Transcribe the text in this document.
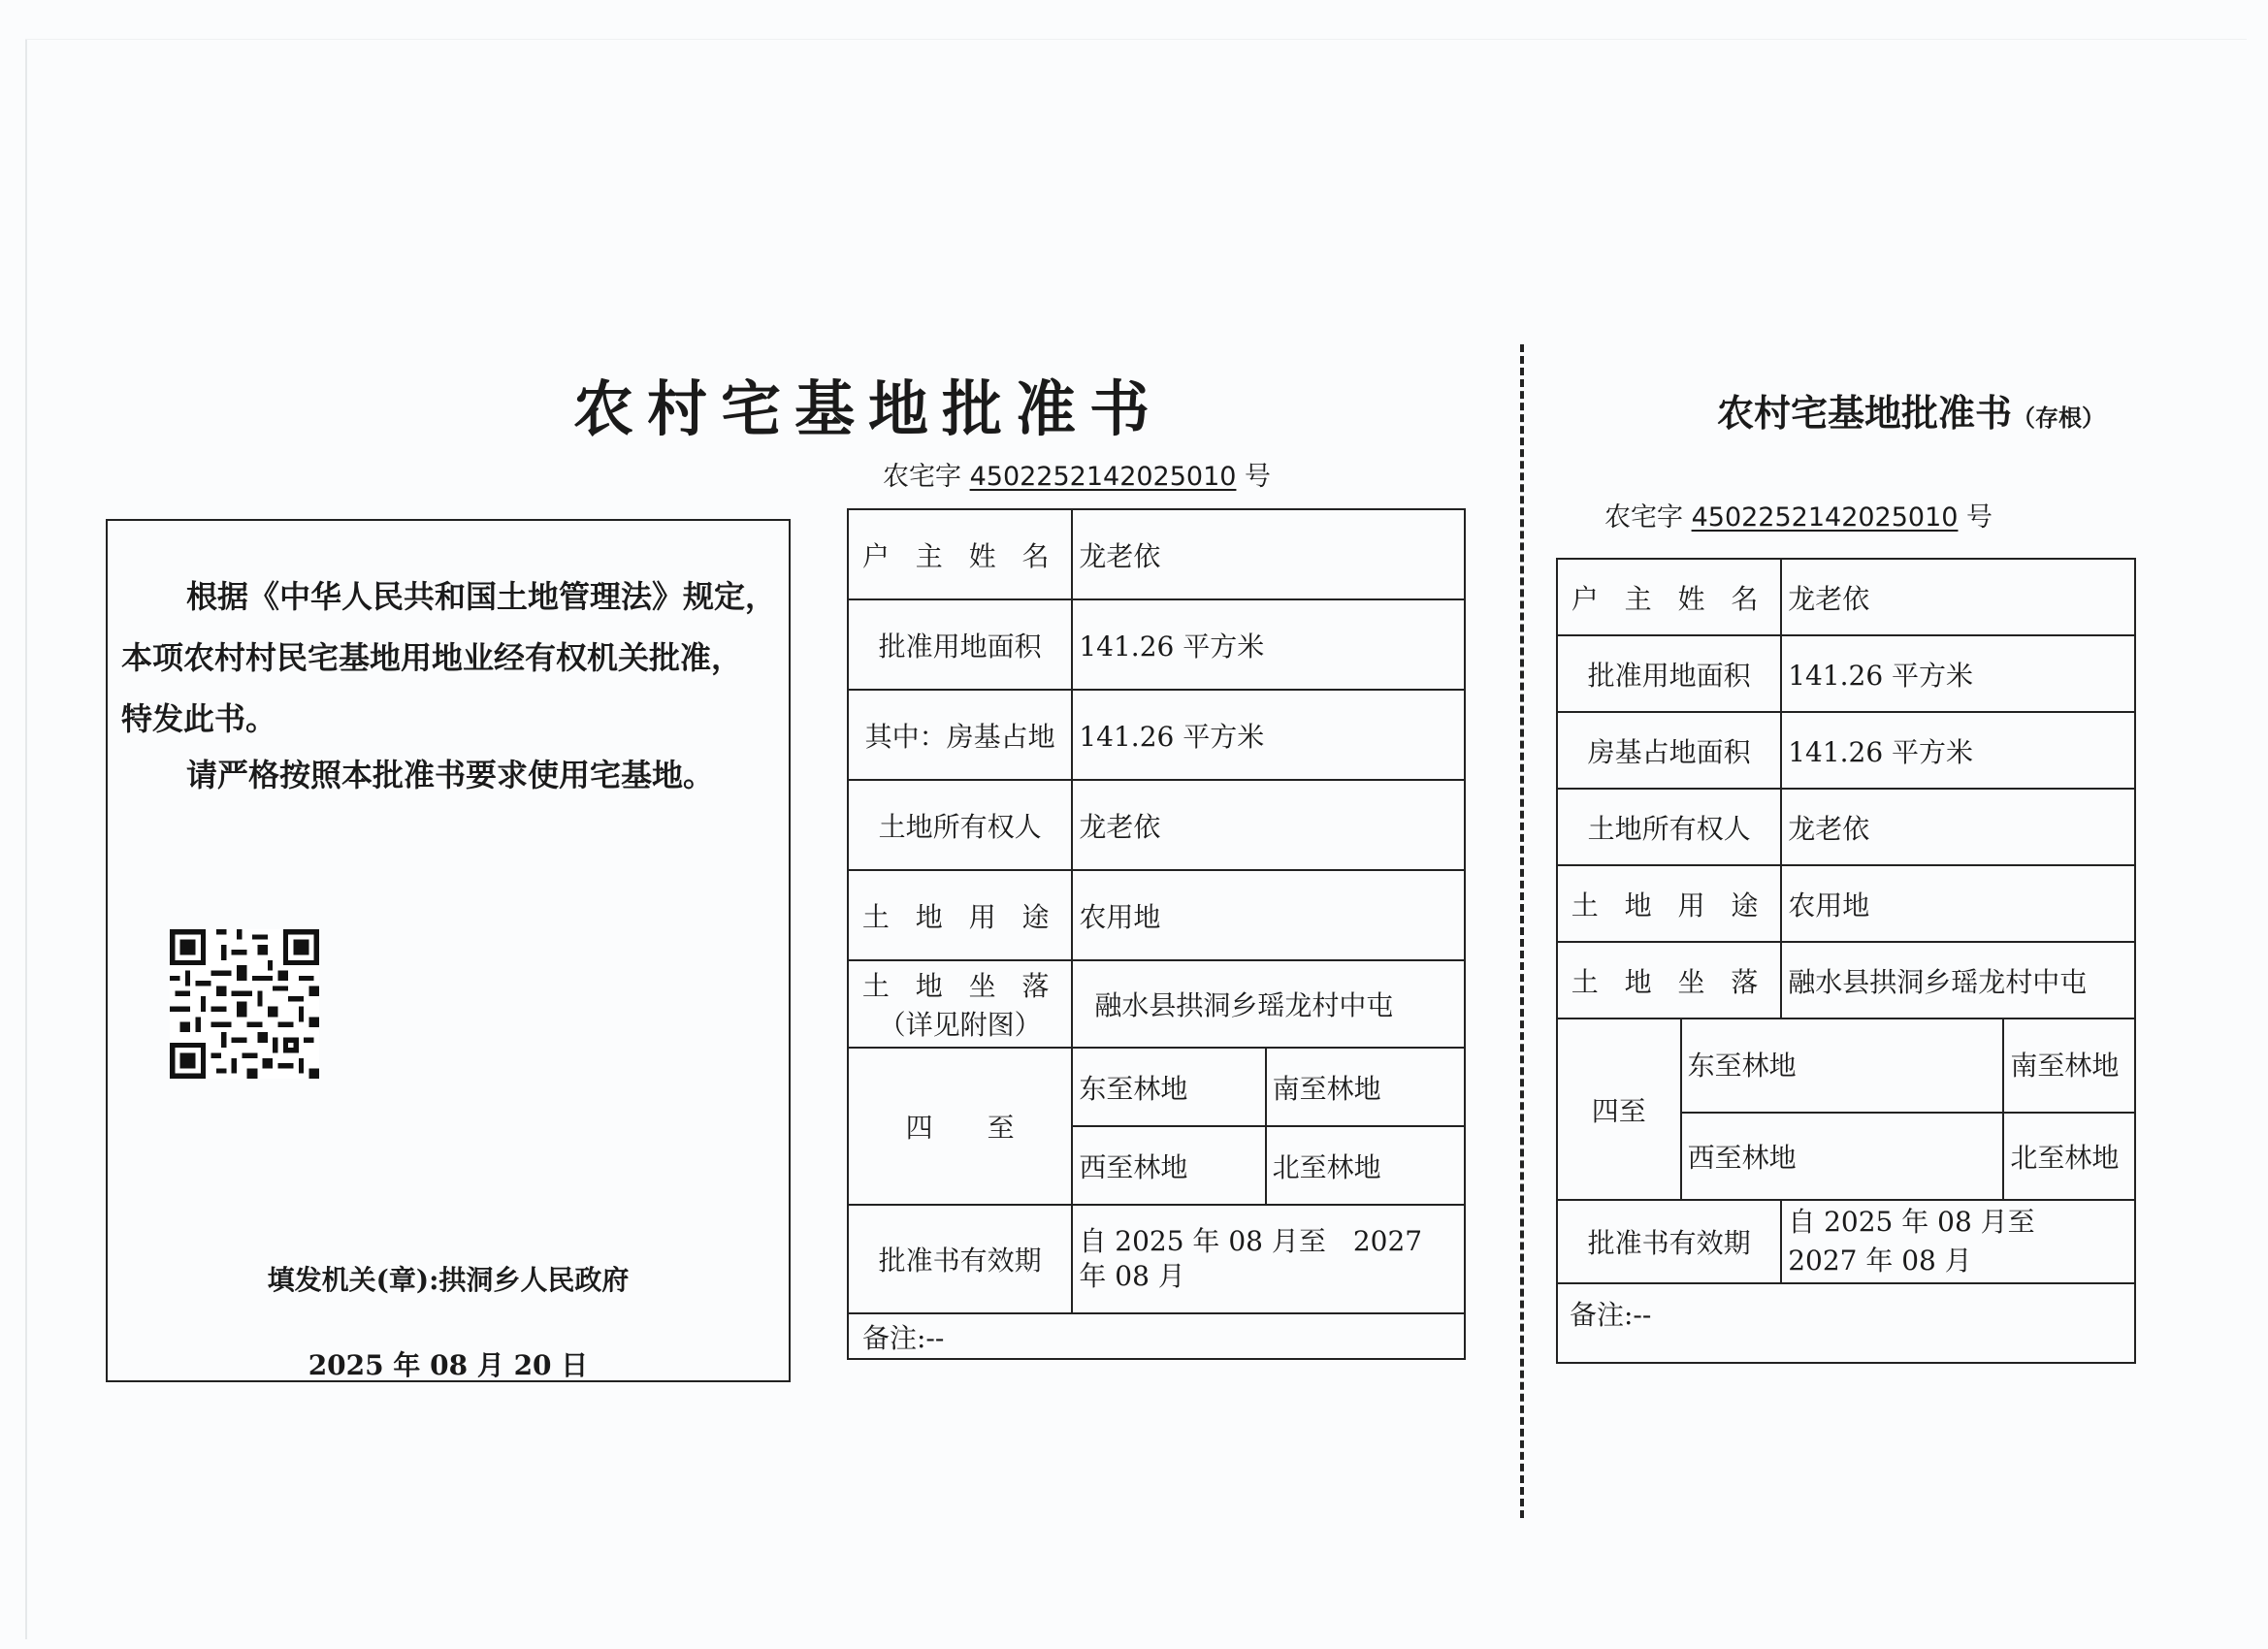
农村宅基地批准书
农宅字 4502252142025010 号
根据《中华人民共和国土地管理法》规定，
本项农村村民宅基地用地业经有权机关批准，
特发此书。
请严格按照本批准书要求使用宅基地。
填发机关(章):拱洞乡人民政府
2025 年 08 月 20 日
户 主 姓 名	龙老依	
批准用地面积	141.26 平方米	
其中：房基占地	141.26 平方米	
土地所有权人	龙老依	
土 地 用 途	农用地	

土 地 坐 落
（详见附图）	融水县拱洞乡瑶龙村中屯	
四　　至	东至林地	南至林地
	西至林地	北至林地
批准书有效期	自 2025 年 08 月至　2027 年 08 月	
备注:--		
农村宅基地批准书（存根）
农宅字 4502252142025010 号
户 主 姓 名		龙老依	
批准用地面积		141.26 平方米	
房基占地面积		141.26 平方米	
土地所有权人		龙老依	
土 地 用 途		农用地	
土 地 坐 落		融水县拱洞乡瑶龙村中屯	
四至	东至林地		南至林地
	西至林地		北至林地
批准书有效期		自 2025 年 08 月至　2027 年 08 月	
备注:--			
